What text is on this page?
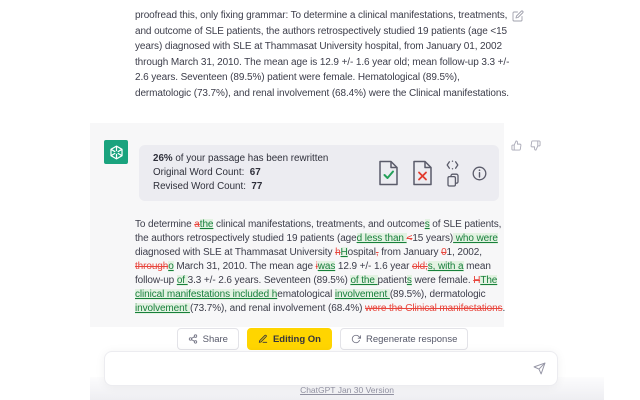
proofread this, only fixing grammar: To determine a clinical manifestations, treatments, and outcome of SLE patients, the authors retrospectively studied 19 patients (age <15 years) diagnosed with SLE at Thammasat University hospital, from January 01, 2002 through March 31, 2010. The mean age is 12.9 +/- 1.6 year old; mean follow-up 3.3 +/- 2.6 years. Seventeen (89.5%) patient were female. Hematological (89.5%), dermatologic (73.7%), and renal involvement (68.4%) were the Clinical manifestations.
26% of your passage has been rewritten
Original Word Count: 67
Revised Word Count: 77
To determine athe clinical manifestations, treatments, and outcomes of SLE patients, the authors retrospectively studied 19 patients (aged less than <15 years) who were diagnosed with SLE at Thammasat University hHospital, from January 01, 2002, througho March 31, 2010. The mean age iwas 12.9 +/- 1.6 year old;s, with a mean follow-up of 3.3 +/- 2.6 years. Seventeen (89.5%) of the patients were female. HThe clinical manifestations included hematological involvement (89.5%), dermatologic involvement (73.7%), and renal involvement (68.4%) were the Clinical manifestations.
Share	Editing On	Regenerate response
ChatGPT Jan 30 Version
